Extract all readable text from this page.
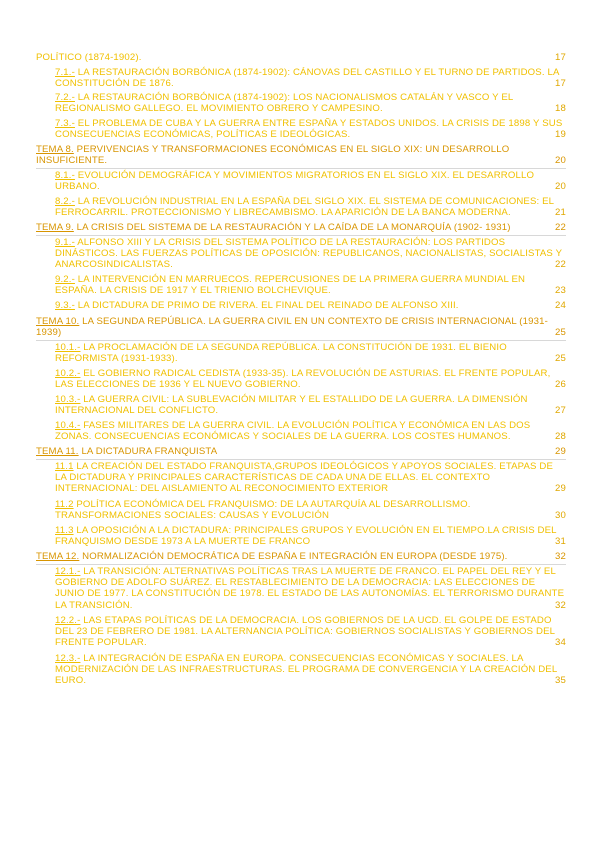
POLÍTICO (1874-1902).	17
7.1.- LA RESTAURACIÓN BORBÓNICA (1874-1902): CÁNOVAS DEL CASTILLO Y EL TURNO DE PARTIDOS. LA CONSTITUCIÓN DE 1876.	17
7.2.- LA RESTAURACIÓN BORBÓNICA (1874-1902): LOS NACIONALISMOS CATALÁN Y VASCO Y EL REGIONALISMO GALLEGO. EL MOVIMIENTO OBRERO Y CAMPESINO.	18
7.3.- EL PROBLEMA DE CUBA Y LA GUERRA ENTRE ESPAÑA Y ESTADOS UNIDOS. LA CRISIS DE 1898 Y SUS CONSECUENCIAS ECONÓMICAS, POLÍTICAS E IDEOLÓGICAS.	19
TEMA 8. PERVIVENCIAS Y TRANSFORMACIONES ECONÓMICAS EN EL SIGLO XIX: UN DESARROLLO INSUFICIENTE.	20
8.1.- EVOLUCIÓN DEMOGRÁFICA Y MOVIMIENTOS MIGRATORIOS EN EL SIGLO XIX. EL DESARROLLO URBANO.	20
8.2.- LA REVOLUCIÓN INDUSTRIAL EN LA ESPAÑA DEL SIGLO XIX. EL SISTEMA DE COMUNICACIONES: EL FERROCARRIL. PROTECCIONISMO Y LIBRECAMBISMO. LA APARICIÓN DE LA BANCA MODERNA.	21
TEMA 9. LA CRISIS DEL SISTEMA DE LA RESTAURACIÓN Y LA CAÍDA DE LA MONARQUÍA (1902- 1931)	22
9.1.- ALFONSO XIII Y LA CRISIS DEL SISTEMA POLÍTICO DE LA RESTAURACIÓN: LOS PARTIDOS DINÁSTICOS. LAS FUERZAS POLÍTICAS DE OPOSICIÓN: REPUBLICANOS, NACIONALISTAS, SOCIALISTAS Y ANARCOSINDICALISTAS.	22
9.2.- LA INTERVENCIÓN EN MARRUECOS. REPERCUSIONES DE LA PRIMERA GUERRA MUNDIAL EN ESPAÑA. LA CRISIS DE 1917 Y EL TRIENIO BOLCHEVIQUE.	23
9.3.- LA DICTADURA DE PRIMO DE RIVERA. EL FINAL DEL REINADO DE ALFONSO XIII.	24
TEMA 10. LA SEGUNDA REPÚBLICA. LA GUERRA CIVIL EN UN CONTEXTO DE CRISIS INTERNACIONAL (1931-1939)	25
10.1.- LA PROCLAMACIÓN DE LA SEGUNDA REPÚBLICA. LA CONSTITUCIÓN DE 1931. EL BIENIO REFORMISTA (1931-1933).	25
10.2.- EL GOBIERNO RADICAL CEDISTA (1933-35). LA REVOLUCIÓN DE ASTURIAS. EL FRENTE POPULAR, LAS ELECCIONES DE 1936 Y EL NUEVO GOBIERNO.	26
10.3.- LA GUERRA CIVIL: LA SUBLEVACIÓN MILITAR Y EL ESTALLIDO DE LA GUERRA. LA DIMENSIÓN INTERNACIONAL DEL CONFLICTO.	27
10.4.- FASES MILITARES DE LA GUERRA CIVIL. LA EVOLUCIÓN POLÍTICA Y ECONÓMICA EN LAS DOS ZONAS. CONSECUENCIAS ECONÓMICAS Y SOCIALES DE LA GUERRA. LOS COSTES HUMANOS.	28
TEMA 11. LA DICTADURA FRANQUISTA	29
11.1 LA CREACIÓN DEL ESTADO FRANQUISTA,GRUPOS IDEOLÓGICOS Y APOYOS SOCIALES. ETAPAS DE LA DICTADURA Y PRINCIPALES CARACTERÍSTICAS DE CADA UNA DE ELLAS. EL CONTEXTO INTERNACIONAL: DEL AISLAMIENTO AL RECONOCIMIENTO EXTERIOR	29
11.2 POLÍTICA ECONÓMICA DEL FRANQUISMO: DE LA AUTARQUÍA AL DESARROLLISMO. TRANSFORMACIONES SOCIALES: CAUSAS Y EVOLUCIÓN	30
11.3 LA OPOSICIÓN A LA DICTADURA: PRINCIPALES GRUPOS Y EVOLUCIÓN EN EL TIEMPO.LA CRISIS DEL FRANQUISMO DESDE 1973 A LA MUERTE DE FRANCO	31
TEMA 12. NORMALIZACIÓN DEMOCRÁTICA DE ESPAÑA E INTEGRACIÓN EN EUROPA (DESDE 1975).	32
12.1.- LA TRANSICIÓN: ALTERNATIVAS POLÍTICAS TRAS LA MUERTE DE FRANCO. EL PAPEL DEL REY Y EL GOBIERNO DE ADOLFO SUÁREZ. EL RESTABLECIMIENTO DE LA DEMOCRACIA: LAS ELECCIONES DE JUNIO DE 1977. LA CONSTITUCIÓN DE 1978. EL ESTADO DE LAS AUTONOMÍAS. EL TERRORISMO DURANTE LA TRANSICIÓN.	32
12.2.- LAS ETAPAS POLÍTICAS DE LA DEMOCRACIA. LOS GOBIERNOS DE LA UCD. EL GOLPE DE ESTADO DEL 23 DE FEBRERO DE 1981. LA ALTERNANCIA POLÍTICA: GOBIERNOS SOCIALISTAS Y GOBIERNOS DEL FRENTE POPULAR.	34
12.3.- LA INTEGRACIÓN DE ESPAÑA EN EUROPA. CONSECUENCIAS ECONÓMICAS Y SOCIALES. LA MODERNIZACIÓN DE LAS INFRAESTRUCTURAS. EL PROGRAMA DE CONVERGENCIA Y LA CREACIÓN DEL EURO.	35
